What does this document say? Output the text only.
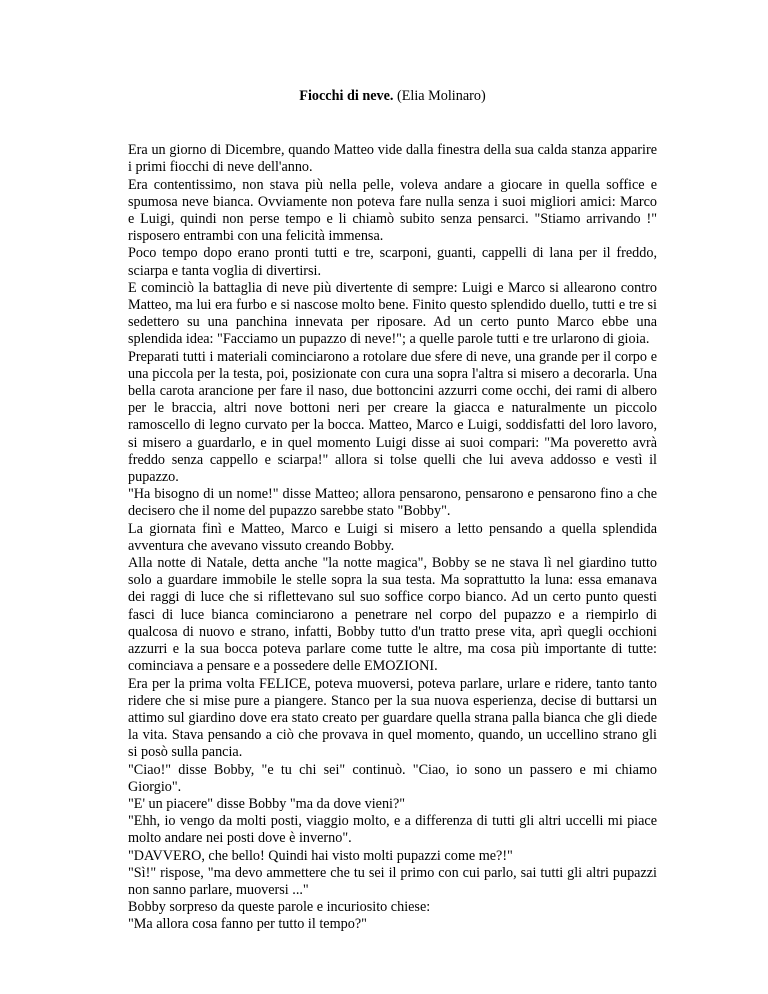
Fiocchi di neve. (Elia Molinaro)

Era un giorno di Dicembre, quando Matteo vide dalla finestra della sua calda stanza apparire i primi fiocchi di neve dell'anno.

Era contentissimo, non stava più nella pelle, voleva andare a giocare in quella soffice e spumosa neve bianca. Ovviamente non poteva fare nulla senza i suoi migliori amici: Marco e Luigi, quindi non perse tempo e li chiamò subito senza pensarci. "Stiamo arrivando !" risposero entrambi con una felicità immensa.

Poco tempo dopo erano pronti tutti e tre, scarponi, guanti, cappelli di lana per il freddo, sciarpa e tanta voglia di divertirsi.

E cominciò la battaglia di neve più divertente di sempre: Luigi e Marco si allearono contro Matteo, ma lui era furbo e si nascose molto bene. Finito questo splendido duello, tutti e tre si sedettero su una panchina innevata per riposare. Ad un certo punto Marco ebbe una splendida idea: "Facciamo un pupazzo di neve!"; a quelle parole tutti e tre urlarono di gioia.

Preparati tutti i materiali cominciarono a rotolare due sfere di neve, una grande per il corpo e una piccola per la testa, poi, posizionate con cura una sopra l'altra si misero a decorarla. Una bella carota arancione per fare il naso, due bottoncini azzurri come occhi, dei rami di albero per le braccia, altri nove bottoni neri per creare la giacca e naturalmente un piccolo ramoscello di legno curvato per la bocca. Matteo, Marco e Luigi, soddisfatti del loro lavoro, si misero a guardarlo, e in quel momento Luigi disse ai suoi compari: "Ma poveretto avrà freddo senza cappello e sciarpa!" allora si tolse quelli che lui aveva addosso e vestì il pupazzo.

"Ha bisogno di un nome!" disse Matteo; allora pensarono, pensarono e pensarono fino a che decisero che il nome del pupazzo sarebbe stato "Bobby".

La giornata finì e Matteo, Marco e Luigi si misero a letto pensando a quella splendida avventura che avevano vissuto creando Bobby.

Alla notte di Natale, detta anche "la notte magica", Bobby se ne stava lì nel giardino tutto solo a guardare immobile le stelle sopra la sua testa. Ma soprattutto la luna: essa emanava dei raggi di luce che si riflettevano sul suo soffice corpo bianco. Ad un certo punto questi fasci di luce bianca cominciarono a penetrare nel corpo del pupazzo e a riempirlo di qualcosa di nuovo e strano, infatti, Bobby tutto d'un tratto prese vita, aprì quegli occhioni azzurri e la sua bocca poteva parlare come tutte le altre, ma cosa più importante di tutte: cominciava a pensare e a possedere delle EMOZIONI.

Era per la prima volta FELICE, poteva muoversi, poteva parlare, urlare e ridere, tanto tanto ridere che si mise pure a piangere. Stanco per la sua nuova esperienza, decise di buttarsi un attimo sul giardino dove era stato creato per guardare quella strana palla bianca che gli diede la vita. Stava pensando a ciò che provava in quel momento, quando, un uccellino strano gli si posò sulla pancia.

"Ciao!" disse Bobby, "e tu chi sei" continuò. "Ciao, io sono un passero e mi chiamo Giorgio".

"E' un piacere" disse Bobby "ma da dove vieni?"

"Ehh, io vengo da molti posti, viaggio molto, e a differenza di tutti gli altri uccelli mi piace molto andare nei posti dove è inverno".

"DAVVERO, che bello! Quindi hai visto molti pupazzi come me?!"

"Sì!" rispose, "ma devo ammettere che tu sei il primo con cui parlo, sai tutti gli altri pupazzi non sanno parlare, muoversi ..."

Bobby sorpreso da queste parole e incuriosito chiese:

"Ma allora cosa fanno per tutto il tempo?"
